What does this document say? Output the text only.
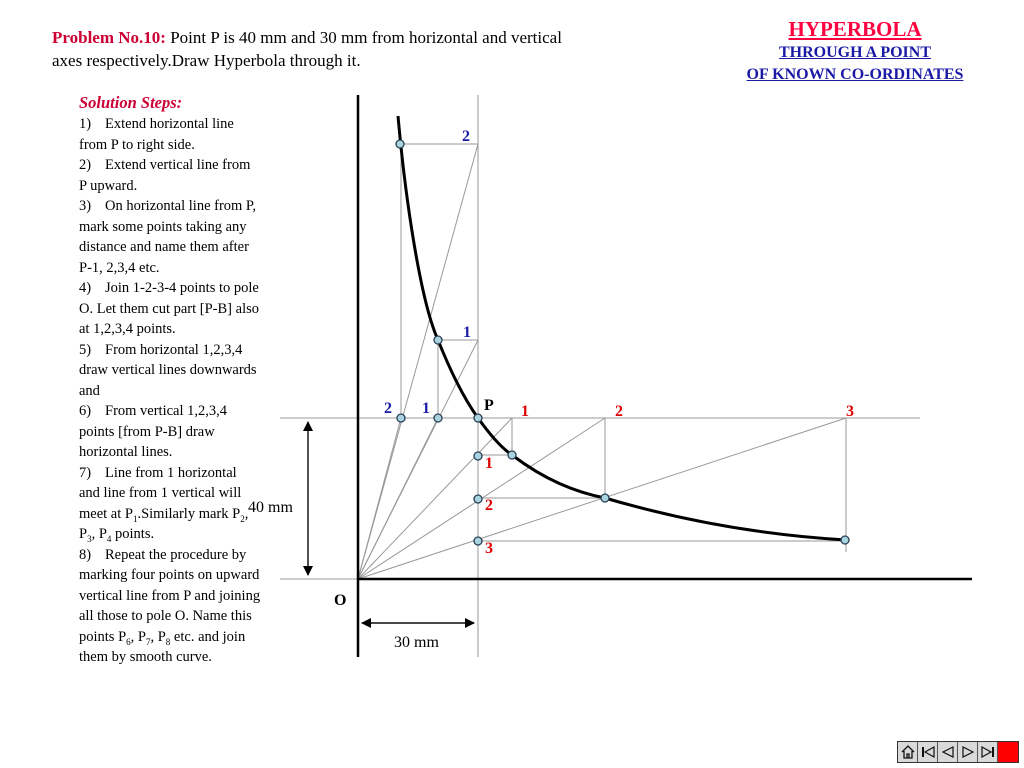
Problem No.10: Point P is 40 mm and 30 mm from horizontal and vertical axes respectively.Draw Hyperbola through it.
HYPERBOLA
THROUGH A POINT
OF KNOWN CO-ORDINATES
Solution Steps:

1) Extend horizontal line from P to right side.

2) Extend vertical line from P upward.

3) On horizontal line from P, mark some points taking any distance and name them after P-1, 2,3,4 etc.

4) Join 1-2-3-4 points to pole O. Let them cut part [P-B] also at 1,2,3,4 points.

5) From horizontal 1,2,3,4 draw vertical lines downwards and

6) From vertical 1,2,3,4 points [from P-B] draw horizontal lines.

7) Line from 1 horizontal and line from 1 vertical will meet at $P_1.Similarly$ mark $P_2$, $P_3$, $P_4$ points.

8) Repeat the procedure by marking four points on upward vertical line from P and joining all those to pole O. Name this points $P_6$, $P_7$, $P_8$ etc. and join them by smooth curve.

2
1
2 1	P 1	2	3
1
2
3
O
40 mm
30 mm
